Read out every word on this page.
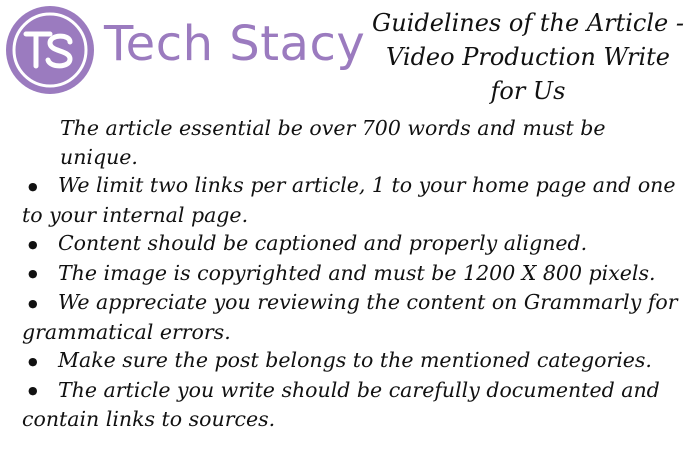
Tech Stacy Guidelines of the Article -
Video Production Write
for Us

The article essential be over 700 words and must be unique.

● We limit two links per article, 1 to your home page and one to your internal page.
● Content should be captioned and properly aligned.
● The image is copyrighted and must be 1200 X 800 pixels.
● We appreciate you reviewing the content on Grammarly for grammatical errors.
● Make sure the post belongs to the mentioned categories.
● The article you write should be carefully documented and contain links to sources.
